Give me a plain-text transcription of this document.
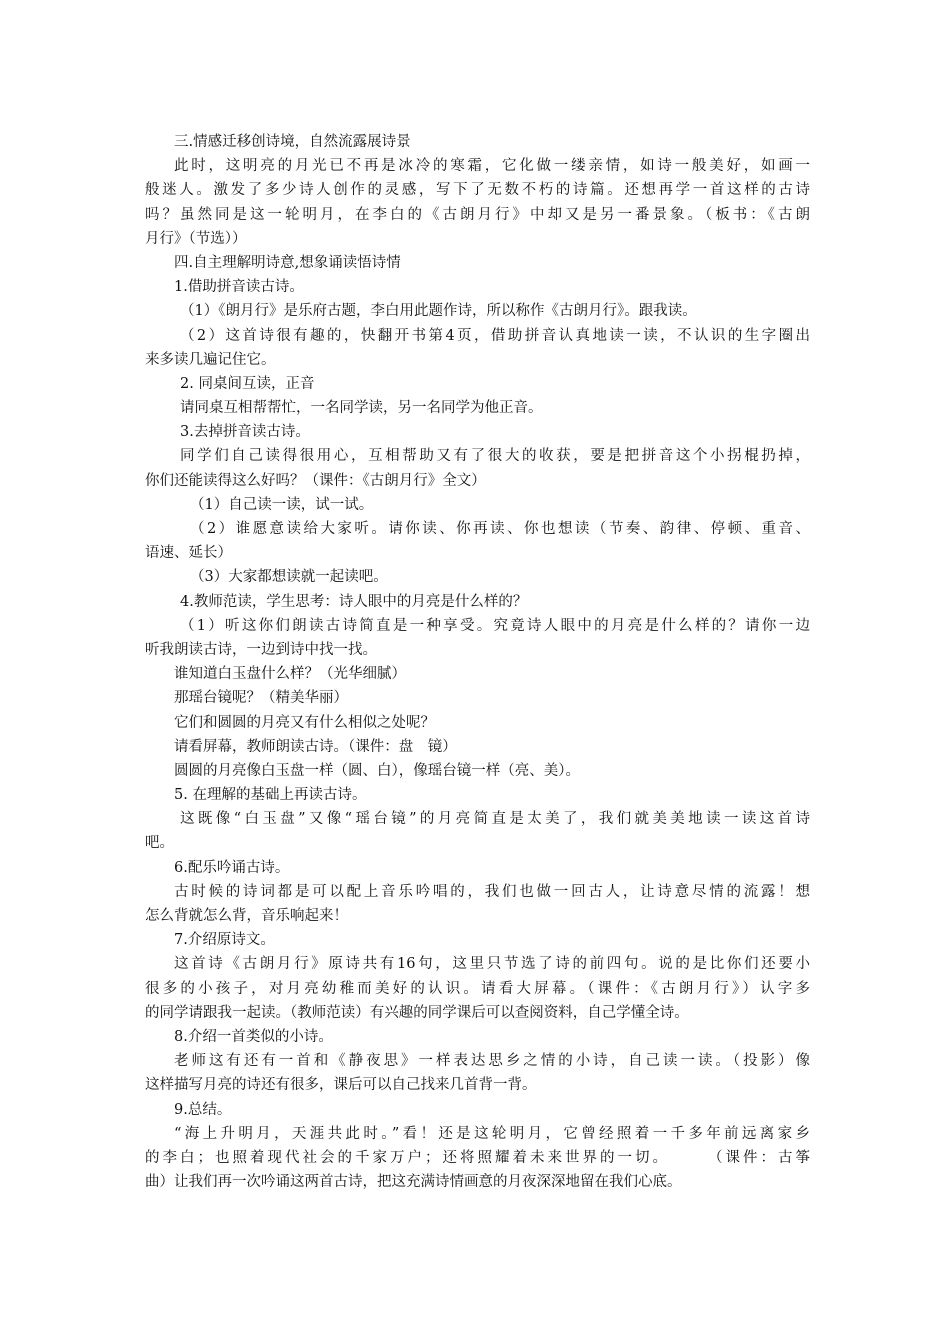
三.情感迁移创诗境，自然流露展诗景
此时，这明亮的月光已不再是冰冷的寒霜，它化做一缕亲情，如诗一般美好，如画一
般迷人。激发了多少诗人创作的灵感，写下了无数不朽的诗篇。还想再学一首这样的古诗
吗？虽然同是这一轮明月，在李白的《古朗月行》中却又是另一番景象。（板书：《古朗
月行》（节选））
四.自主理解明诗意,想象诵读悟诗情
1.借助拼音读古诗。
（1）《朗月行》是乐府古题，李白用此题作诗，所以称作《古朗月行》。跟我读。
（2）这首诗很有趣的，快翻开书第4页，借助拼音认真地读一读，不认识的生字圈出
来多读几遍记住它。
2. 同桌间互读，正音
请同桌互相帮帮忙，一名同学读，另一名同学为他正音。
3.去掉拼音读古诗。
同学们自己读得很用心，互相帮助又有了很大的收获，要是把拼音这个小拐棍扔掉，
你们还能读得这么好吗？（课件：《古朗月行》全文）
（1）自己读一读，试一试。
（2）谁愿意读给大家听。请你读、你再读、你也想读（节奏、韵律、停顿、重音、
语速、延长）
（3）大家都想读就一起读吧。
4.教师范读，学生思考：诗人眼中的月亮是什么样的？
（1）听这你们朗读古诗简直是一种享受。究竟诗人眼中的月亮是什么样的？请你一边
听我朗读古诗，一边到诗中找一找。
谁知道白玉盘什么样？（光华细腻）
那瑶台镜呢？（精美华丽）
它们和圆圆的月亮又有什么相似之处呢？
请看屏幕，教师朗读古诗。（课件：盘　镜）
圆圆的月亮像白玉盘一样（圆、白），像瑶台镜一样（亮、美）。
5. 在理解的基础上再读古诗。
这既像“白玉盘”又像“瑶台镜”的月亮简直是太美了，我们就美美地读一读这首诗
吧。
6.配乐吟诵古诗。
古时候的诗词都是可以配上音乐吟唱的，我们也做一回古人，让诗意尽情的流露！想
怎么背就怎么背，音乐响起来！
7.介绍原诗文。
这首诗《古朗月行》原诗共有16句，这里只节选了诗的前四句。说的是比你们还要小
很多的小孩子，对月亮幼稚而美好的认识。请看大屏幕。（课件：《古朗月行》）认字多
的同学请跟我一起读。（教师范读）有兴趣的同学课后可以查阅资料，自己学懂全诗。
8.介绍一首类似的小诗。
老师这有还有一首和《静夜思》一样表达思乡之情的小诗，自己读一读。（投影）像
这样描写月亮的诗还有很多，课后可以自己找来几首背一背。
9.总结。
“海上升明月，天涯共此时。”看！还是这轮明月，它曾经照着一千多年前远离家乡
的李白；也照着现代社会的千家万户；还将照耀着未来世界的一切。　　　（课件：古筝
曲）让我们再一次吟诵这两首古诗，把这充满诗情画意的月夜深深地留在我们心底。
